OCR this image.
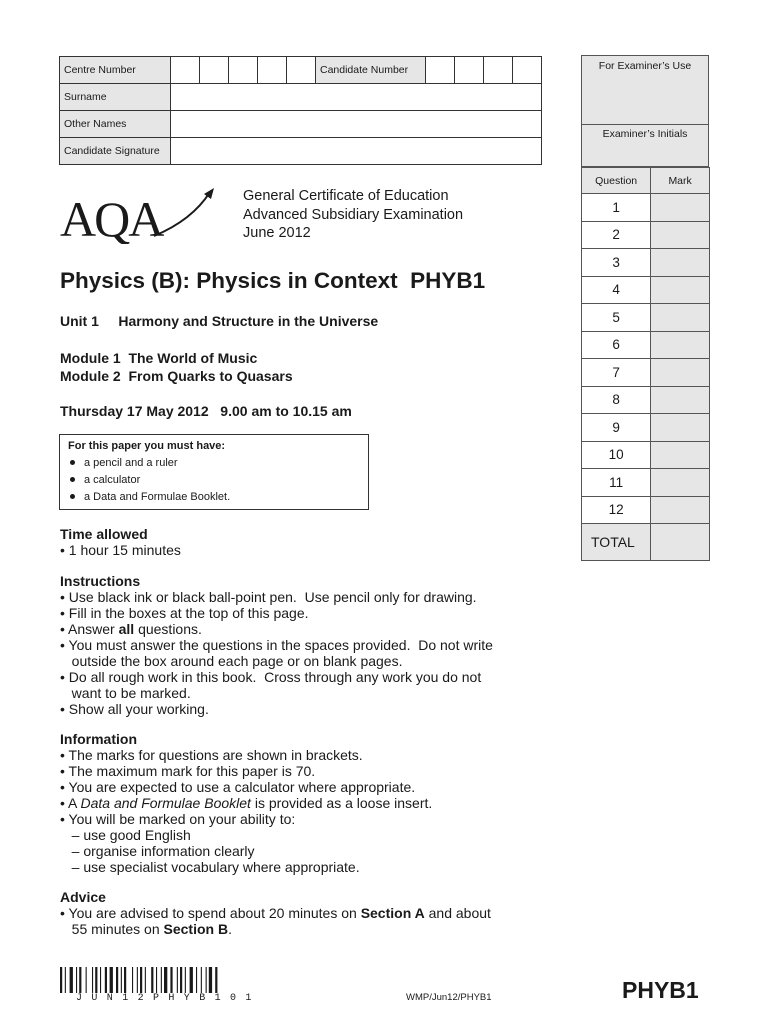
Centre Number						Candidate Number				
Surname										
Other Names										
Candidate Signature										
For Examiner’s Use
Examiner’s Initials
Question	Mark
1	
2	
3	
4	
5	
6	
7	
8	
9	
10	
11	
12	
TOTAL	
AQA	General Certificate of Education
Advanced Subsidiary Examination
June 2012
Physics (B): Physics in Context  PHYB1
Unit 1     Harmony and Structure in the Universe
Module 1  The World of Music
Module 2  From Quarks to Quasars
Thursday 17 May 2012   9.00 am to 10.15 am
For this paper you must have:
a pencil and a ruler
a calculator
a Data and Formulae Booklet.
Time allowed
• 1 hour 15 minutes
Instructions
• Use black ink or black ball-point pen.  Use pencil only for drawing.
• Fill in the boxes at the top of this page.
• Answer all questions.
• You must answer the questions in the spaces provided.  Do not write
outside the box around each page or on blank pages.
• Do all rough work in this book.  Cross through any work you do not
want to be marked.
• Show all your working.
Information
• The marks for questions are shown in brackets.
• The maximum mark for this paper is 70.
• You are expected to use a calculator where appropriate.
• A Data and Formulae Booklet is provided as a loose insert.
• You will be marked on your ability to:
– use good English
– organise information clearly
– use specialist vocabulary where appropriate.
Advice
• You are advised to spend about 20 minutes on Section A and about
55 minutes on Section B.
JUN12PHYB101	WMP/Jun12/PHYB1	PHYB1
